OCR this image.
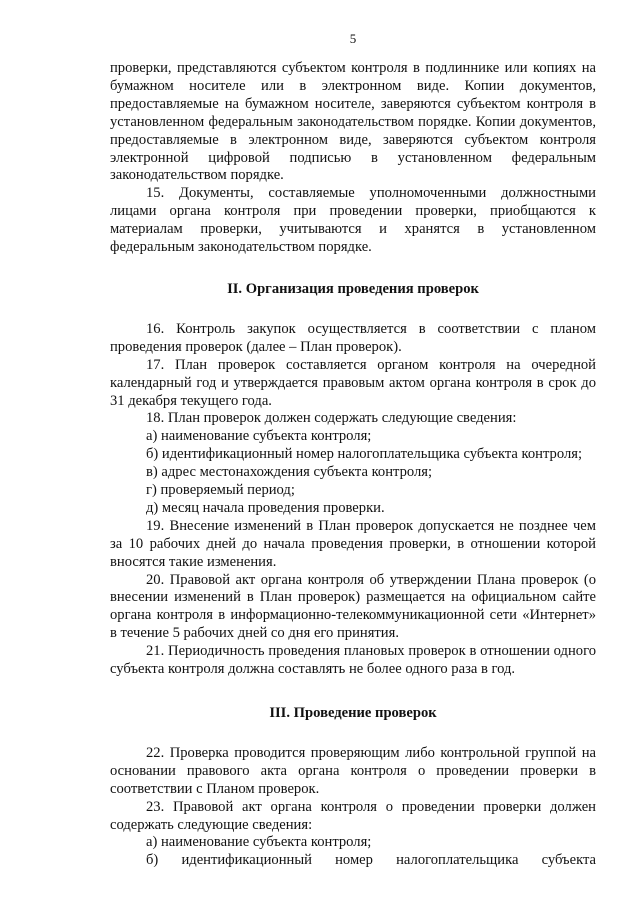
5

проверки, представляются субъектом контроля в подлиннике или копиях на бумажном носителе или в электронном виде. Копии документов, предоставляемые на бумажном носителе, заверяются субъектом контроля в установленном федеральным законодательством порядке. Копии документов, предоставляемые в электронном виде, заверяются субъектом контроля электронной цифровой подписью в установленном федеральным законодательством порядке.

15. Документы, составляемые уполномоченными должностными лицами органа контроля при проведении проверки, приобщаются к материалам проверки, учитываются и хранятся в установленном федеральным законодательством порядке.

II. Организация проведения проверок

16. Контроль закупок осуществляется в соответствии с планом проведения проверок (далее – План проверок).

17. План проверок составляется органом контроля на очередной календарный год и утверждается правовым актом органа контроля в срок до 31 декабря текущего года.

18. План проверок должен содержать следующие сведения:

а) наименование субъекта контроля;

б) идентификационный номер налогоплательщика субъекта контроля;

в) адрес местонахождения субъекта контроля;

г) проверяемый период;

д) месяц начала проведения проверки.

19. Внесение изменений в План проверок допускается не позднее чем за 10 рабочих дней до начала проведения проверки, в отношении которой вносятся такие изменения.

20. Правовой акт органа контроля об утверждении Плана проверок (о внесении изменений в План проверок) размещается на официальном сайте органа контроля в информационно-телекоммуникационной сети «Интернет» в течение 5 рабочих дней со дня его принятия.

21. Периодичность проведения плановых проверок в отношении одного субъекта контроля должна составлять не более одного раза в год.

III. Проведение проверок

22. Проверка проводится проверяющим либо контрольной группой на основании правового акта органа контроля о проведении проверки в соответствии с Планом проверок.

23. Правовой акт органа контроля о проведении проверки должен содержать следующие сведения:

а) наименование субъекта контроля;

б) идентификационный номер налогоплательщика субъекта
